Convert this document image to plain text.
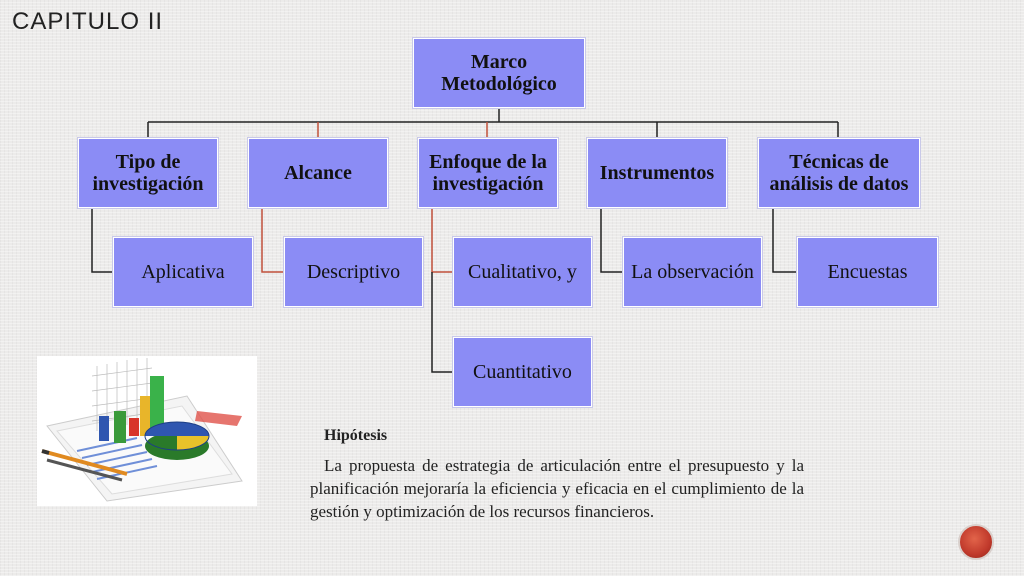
CAPITULO II
Marco Metodológico
Tipo de investigación	Alcance	Enfoque de la investigación	Instrumentos	Técnicas de análisis de datos
Aplicativa	Descriptivo	Cualitativo, y
Cuantitativo
La observación	Encuestas
Hipótesis
La propuesta de estrategia de articulación entre el presupuesto y la planificación mejoraría la eficiencia y eficacia en el cumplimiento de la gestión y optimización de los recursos financieros.
